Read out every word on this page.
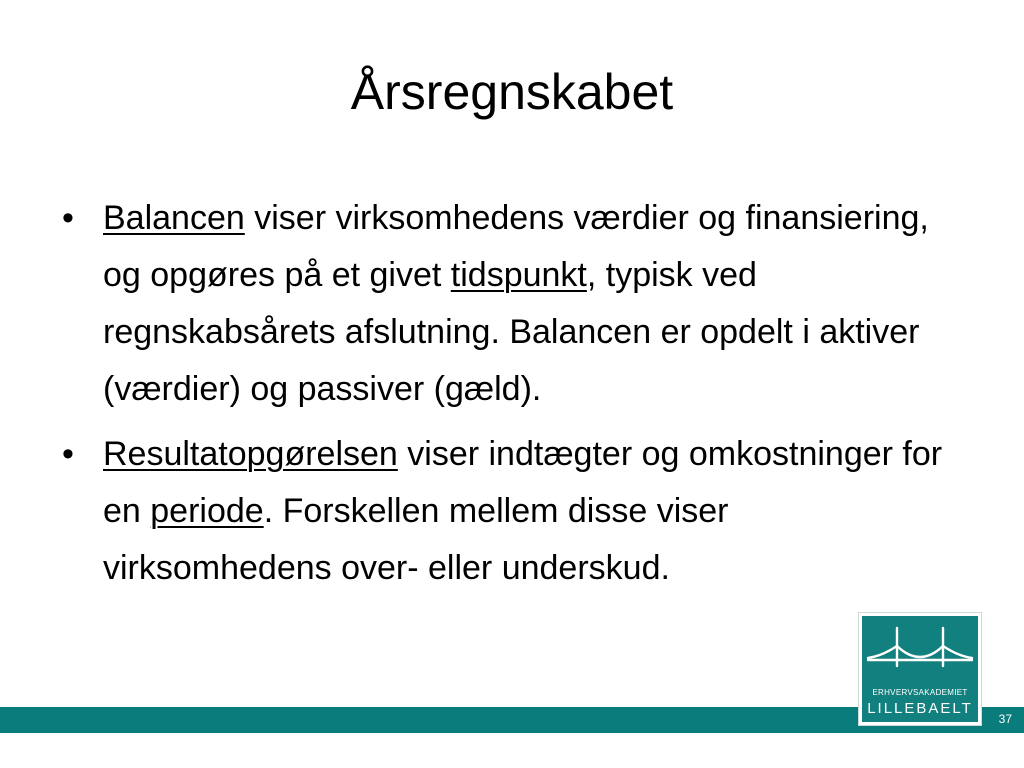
Årsregnskabet
• Balancen viser virksomhedens værdier og finansiering, og opgøres på et givet tidspunkt, typisk ved regnskabsårets afslutning. Balancen er opdelt i aktiver (værdier) og passiver (gæld).
• Resultatopgørelsen viser indtægter og omkostninger for en periode. Forskellen mellem disse viser virksomhedens over- eller underskud.
37
ERHVERVSAKADEMIET
LILLEBAELT
